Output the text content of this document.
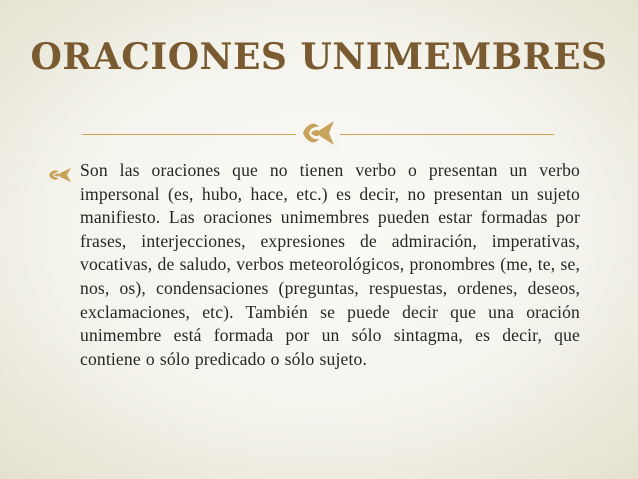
ORACIONES UNIMEMBRES
Son las oraciones que no tienen verbo o presentan un verbo impersonal (es, hubo, hace, etc.) es decir, no presentan un sujeto manifiesto. Las oraciones unimembres pueden estar formadas por frases, interjecciones, expresiones de admiración, imperativas, vocativas, de saludo, verbos meteorológicos, pronombres (me, te, se, nos, os), condensaciones (preguntas, respuestas, ordenes, deseos, exclamaciones, etc). También se puede decir que una oración unimembre está formada por un sólo sintagma, es decir, que contiene o sólo predicado o sólo sujeto.
